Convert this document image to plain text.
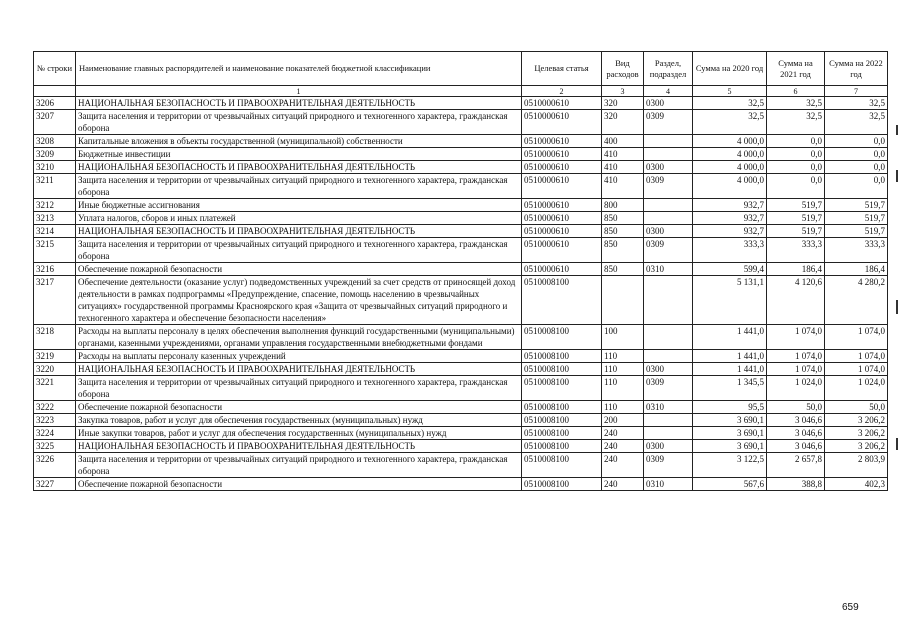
№ строки	Наименование главных распорядителей и наименование показателей бюджетной классификации	Целевая статья	Вид расходов	Раздел, подраздел	Сумма на 2020 год	Сумма на 2021 год	Сумма на 2022 год
	1	2	3	4	5	6	7
3206	НАЦИОНАЛЬНАЯ БЕЗОПАСНОСТЬ И ПРАВООХРАНИТЕЛЬНАЯ ДЕЯТЕЛЬНОСТЬ	0510000610	320	0300	32,5	32,5	32,5
3207	Защита населения и территории от чрезвычайных ситуаций природного и техногенного характера, гражданская оборона	0510000610	320	0309	32,5	32,5	32,5
3208	Капитальные вложения в объекты государственной (муниципальной) собственности	0510000610	400		4 000,0	0,0	0,0
3209	Бюджетные инвестиции	0510000610	410		4 000,0	0,0	0,0
3210	НАЦИОНАЛЬНАЯ БЕЗОПАСНОСТЬ И ПРАВООХРАНИТЕЛЬНАЯ ДЕЯТЕЛЬНОСТЬ	0510000610	410	0300	4 000,0	0,0	0,0
3211	Защита населения и территории от чрезвычайных ситуаций природного и техногенного характера, гражданская оборона	0510000610	410	0309	4 000,0	0,0	0,0
3212	Иные бюджетные ассигнования	0510000610	800		932,7	519,7	519,7
3213	Уплата налогов, сборов и иных платежей	0510000610	850		932,7	519,7	519,7
3214	НАЦИОНАЛЬНАЯ БЕЗОПАСНОСТЬ И ПРАВООХРАНИТЕЛЬНАЯ ДЕЯТЕЛЬНОСТЬ	0510000610	850	0300	932,7	519,7	519,7
3215	Защита населения и территории от чрезвычайных ситуаций природного и техногенного характера, гражданская оборона	0510000610	850	0309	333,3	333,3	333,3
3216	Обеспечение пожарной безопасности	0510000610	850	0310	599,4	186,4	186,4
3217	Обеспечение деятельности (оказание услуг) подведомственных учреждений за счет средств от приносящей доход деятельности в рамках подпрограммы «Предупреждение, спасение, помощь населению в чрезвычайных ситуациях» государственной программы Красноярского края «Защита от чрезвычайных ситуаций природного и техногенного характера и обеспечение безопасности населения»	0510008100			5 131,1	4 120,6	4 280,2
3218	Расходы на выплаты персоналу в целях обеспечения выполнения функций государственными (муниципальными) органами, казенными учреждениями, органами управления государственными внебюджетными фондами	0510008100	100		1 441,0	1 074,0	1 074,0
3219	Расходы на выплаты персоналу казенных учреждений	0510008100	110		1 441,0	1 074,0	1 074,0
3220	НАЦИОНАЛЬНАЯ БЕЗОПАСНОСТЬ И ПРАВООХРАНИТЕЛЬНАЯ ДЕЯТЕЛЬНОСТЬ	0510008100	110	0300	1 441,0	1 074,0	1 074,0
3221	Защита населения и территории от чрезвычайных ситуаций природного и техногенного характера, гражданская оборона	0510008100	110	0309	1 345,5	1 024,0	1 024,0
3222	Обеспечение пожарной безопасности	0510008100	110	0310	95,5	50,0	50,0
3223	Закупка товаров, работ и услуг для обеспечения государственных (муниципальных) нужд	0510008100	200		3 690,1	3 046,6	3 206,2
3224	Иные закупки товаров, работ и услуг для обеспечения государственных (муниципальных) нужд	0510008100	240		3 690,1	3 046,6	3 206,2
3225	НАЦИОНАЛЬНАЯ БЕЗОПАСНОСТЬ И ПРАВООХРАНИТЕЛЬНАЯ ДЕЯТЕЛЬНОСТЬ	0510008100	240	0300	3 690,1	3 046,6	3 206,2
3226	Защита населения и территории от чрезвычайных ситуаций природного и техногенного характера, гражданская оборона	0510008100	240	0309	3 122,5	2 657,8	2 803,9
3227	Обеспечение пожарной безопасности	0510008100	240	0310	567,6	388,8	402,3
659
